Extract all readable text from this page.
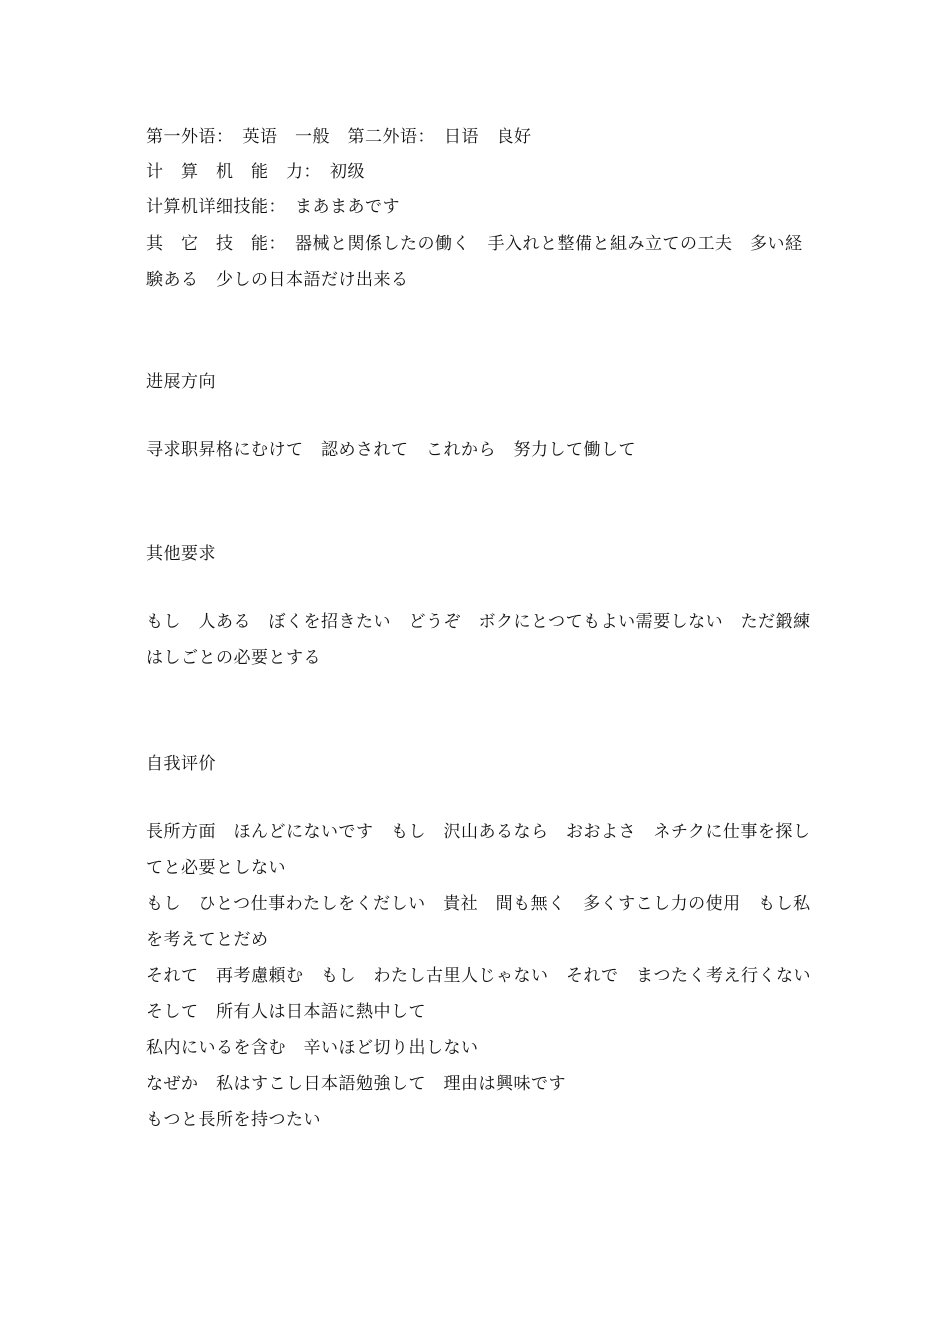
第一外语：　英语　一般　第二外语：　日语　良好
计　算　机　能　力：　初级
计算机详细技能：　まあまあです
其　它　技　能：　器械と関係したの働く　手入れと整備と組み立ての工夫　多い経験ある　少しの日本語だけ出来る
进展方向
寻求职昇格にむけて　認めされて　これから　努力して働して
其他要求
もし　人ある　ぼくを招きたい　どうぞ　ボクにとつてもよい需要しない　ただ鍛練はしごとの必要とする
自我评价
長所方面　ほんどにないです　もし　沢山あるなら　おおよさ　ネチクに仕事を探してと必要としない
もし　ひとつ仕事わたしをくだしい　貴社　間も無く　多くすこし力の使用　もし私を考えてとだめ
それて　再考慮頼む　もし　わたし古里人じゃない　それで　まつたく考え行くない　そして　所有人は日本語に熱中して
私内にいるを含む　辛いほど切り出しない
なぜか　私はすこし日本語勉強して　理由は興味です
もつと長所を持つたい
